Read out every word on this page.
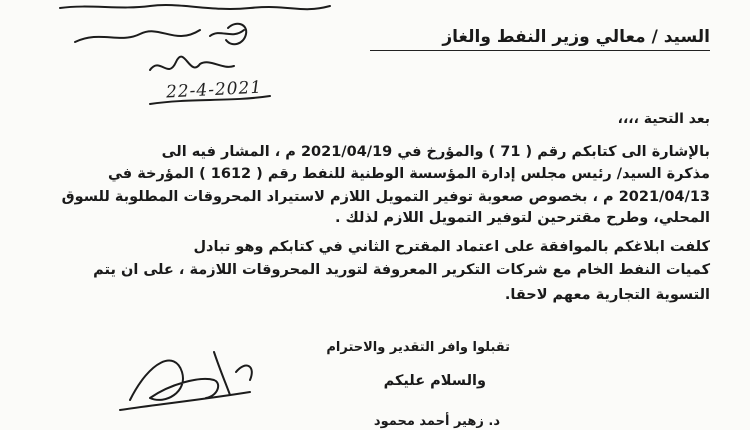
22-4-2021
السيد / معالي وزير النفط والغاز
بعد التحية ،،،،
بالإشارة الى كتابكم رقم ( 71 ) والمؤرخ في 2021/04/19 م ، المشار فيه الى
مذكرة السيد/ رئيس مجلس إدارة المؤسسة الوطنية للنفط رقم ( 1612 ) المؤرخة في
2021/04/13 م ، بخصوص صعوبة توفير التمويل اللازم لاستيراد المحروقات المطلوبة للسوق
المحلي، وطرح مقترحين لتوفير التمويل اللازم لذلك .
كلفت ابلاغكم بالموافقة على اعتماد المقترح الثاني في كتابكم وهو تبادل
كميات النفط الخام مع شركات التكرير المعروفة لتوريد المحروقات اللازمة ، على ان يتم
التسوية التجارية معهم لاحقا.
تقبلوا وافر التقدير والاحترام
والسلام عليكم
د. زهير أحمد محمود
